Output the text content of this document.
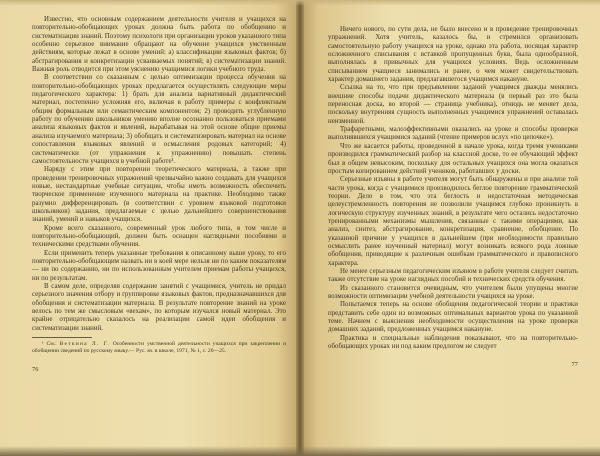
Известно, что основным содержанием деятельности учителя и учащихся на повторительно-обобщающих уроках должна быть работа по обобщению и систематизации знаний. Поэтому психологи при организации уроков указанного типа особенно серьезное внимание обращают на обучение учащихся умственным действиям, которые лежат в основе умений: а) классификации языковых фактов; б) абстрагирования и конкретизации усваиваемых понятий; в) систематизации знаний. Важная роль отводится при этом уяснению учащимися логики учебного труда.

В соответствии со сказанным с целью оптимизации процесса обучения на повторительно-обобщающих уроках предлагается осуществлять следующие меры педагогического характера: 1) брать для анализа вариативный дидактический материал, постепенно усложняя его, включая в работу примеры с конфликтным общим формальным или семантическим компонентом; 2) проводить углубленную работу по обучению школьников умению вполне осознанно пользоваться приемами анализа языковых фактов и явлений, вырабатывая на этой основе общие приемы анализа изучаемого материала; 3) обобщать и систематизировать материал на основе сопоставления языковых явлений и осмысления родовых категорий; 4) систематически (от упражнения к упражнению) повышать степень самостоятельности учащихся в учебной работе¹.

Наряду с этим при повторении теоретического материала, а также при проведении тренировочных упражнений чрезвычайно важно создавать для учащихся новые, нестандартные учебные ситуации, чтобы иметь возможность обеспечить творческое применение изученного материала на практике. Необходимо также разумно дифференцировать (в соответствии с уровнем языковой подготовки школьников) задания, предлагаемые с целью дальнейшего совершенствования знаний, умений и навыков учащихся.

Кроме всего сказанного, современный урок любого типа, в том числе и повторительно-обобщающий, должен быть оснащен наглядными пособиями и техническими средствами обучения.

Если применить теперь указанные требования к описанному выше уроку, то его повторительно-обобщающим назвать ни в коей мере нельзя ни по каким показателям — ни по содержанию, ни по использованным учителем приемам работы учащихся, ни по результатам.

В самом деле, определяя содержание занятий с учащимися, учитель не придал серьезного значения отбору и группировке языковых фактов, предназначавшихся для обобщения и систематизации материала. В результате повторение знаний на уроке велось по тем же смысловым «вехам», по которым изучался новый материал. Это крайне отрицательно сказалось на реализации самой идеи обобщения и систематизации знаний.

¹ См.: Веткина Л. Г. Особенности умственной деятельности учащихся при закреплении и обобщении сведений по русскому языку.— Рус. яз. в школе, 1971, № 1, с. 20—25.

76

Ничего нового, по сути дела, не было внесено и в проведение тренировочных упражнений. Хотя учитель, казалось бы, и стремился организовать самостоятельную работу учащихся на уроке, однако эта работа, носящая характер осложненного списывания с вставкой пропущенных букв, была однообразной, выполнялась в привычных для учащихся условиях. Ведь осложненным списыванием учащиеся занимались и ранее, о чем может свидетельствовать характер домашнего задания, предлагавшегося учащимся накануне.

Ссылка на то, что при предъявлении заданий учащимся дважды менялись внешние способы подачи дидактического материала (в первый раз это была переносная доска, во второй — страница учебника), отнюдь не меняет дела, поскольку внутренняя сущность выполненных учащимися упражнений оставалась неизменной.

Трафаретными, малоэффективными оказались на уроке и способы проверки выполнявшихся учащимися заданий (чтение примеров вслух «по цепочке»).

Что же касается работы, проведенной в начале урока, когда тремя учениками производился грамматический разбор на классной доске, то ее обучающий эффект был в общем невысоким, поскольку для остальных учащихся она могла оказаться простым копированием действий учеников, работавших у доски.

Серьезные изъяны в работе учителя могут быть обнаружены и при анализе той части урока, когда с учащимися производилось беглое повторение грамматической теории. Дело в том, что эта беглость и недостаточная методическая целеустремленность повторения не позволили учащимся глубоко проникнуть в логическую структуру изученных знаний, в результате чего остались недостаточно тренированными механизмы мышления, связанные с такими операциями, как анализ, синтез, абстрагирование, конкретизация, сравнение, обобщение. По указанной причине у учащихся в дальнейшем (при необходимости правильно осмыслить ранее изученный материал) могут возникать всякого рода ложные обобщения, приводящие к различным ошибкам грамматического и правописного характера.

Не менее серьезным педагогическим изъяном в работе учителя следует считать также отсутствие на уроке наглядных пособий и технических средств обучения.

Из сказанного становится очевидным, что учителем были упущены многие возможности оптимизации учебной деятельности учащихся на уроке.

Попытаемся теперь на основе обобщения педагогической теории и практики представить себе один из возможных оптимальных вариантов урока по указанной теме. Начнем с выяснения необходимости осуществления на уроке проверки домашних заданий, предложенных учащимся накануне.

Практика и специальные наблюдения показывают, что на повторительно-обобщающих уроках ни под каким предлогом не следует

77
